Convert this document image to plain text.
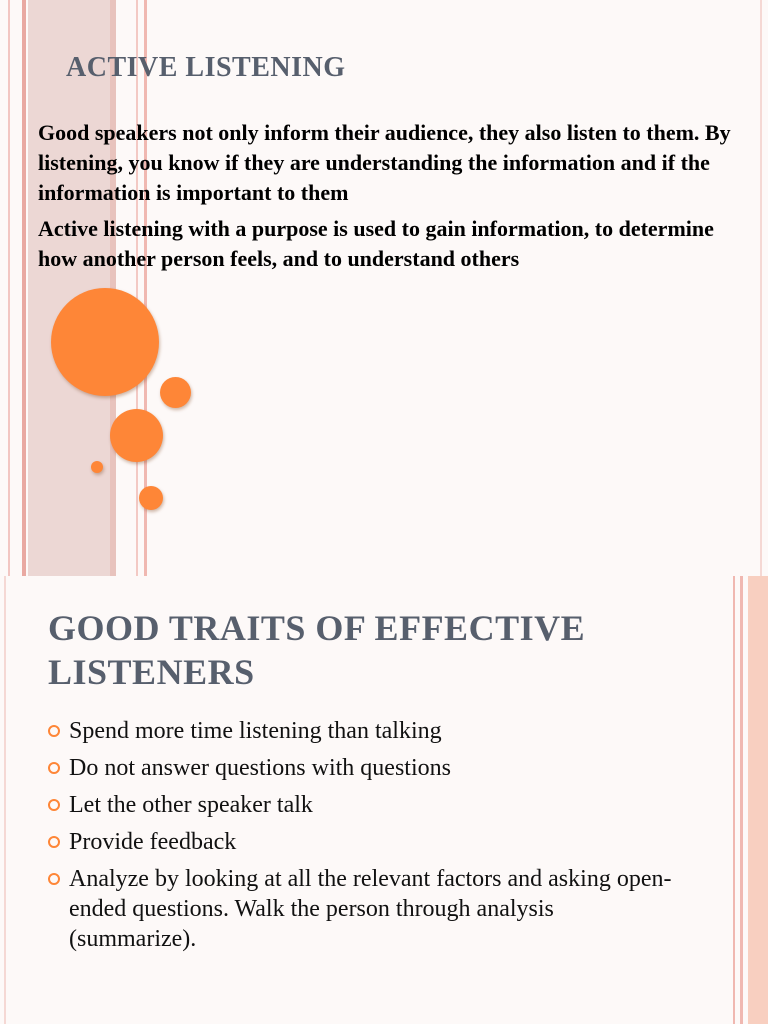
ACTIVE LISTENING

Good speakers not only inform their audience, they also listen to them. By listening, you know if they are understanding the information and if the information is important to them

Active listening with a purpose is used to gain information, to determine how another person feels, and to understand others

GOOD TRAITS OF EFFECTIVE LISTENERS
Spend more time listening than talking
Do not answer questions with questions
Let the other speaker talk
Provide feedback
Analyze by looking at all the relevant factors and asking open-ended questions. Walk the person through analysis (summarize).
